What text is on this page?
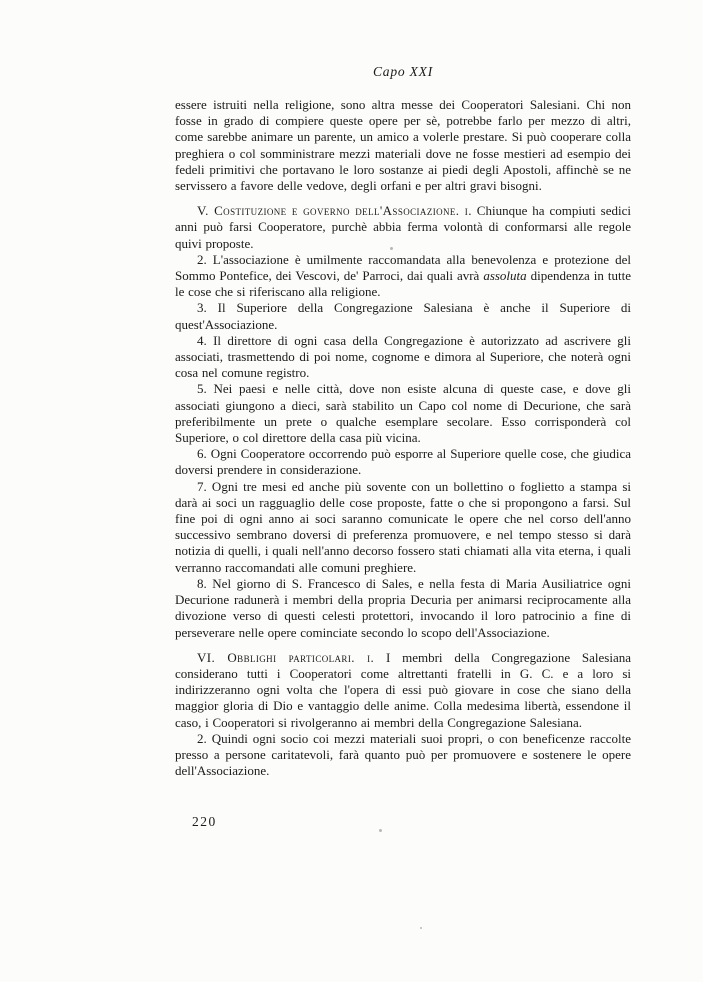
Capo XXI

essere istruiti nella religione, sono altra messe dei Cooperatori Salesiani. Chi non fosse in grado di compiere queste opere per sè, potrebbe farlo per mezzo di altri, come sarebbe animare un parente, un amico a volerle prestare. Si può cooperare colla preghiera o col somministrare mezzi materiali dove ne fosse mestieri ad esempio dei fedeli primitivi che portavano le loro sostanze ai piedi degli Apostoli, affinchè se ne servissero a favore delle vedove, degli orfani e per altri gravi bisogni.

V. Costituzione e governo dell'Associazione. i. Chiunque ha compiuti sedici anni può farsi Cooperatore, purchè abbia ferma volontà di conformarsi alle regole quivi proposte.

2. L'associazione è umilmente raccomandata alla benevolenza e protezione del Sommo Pontefice, dei Vescovi, de' Parroci, dai quali avrà assoluta dipendenza in tutte le cose che si riferiscano alla religione.

3. Il Superiore della Congregazione Salesiana è anche il Superiore di quest'Associazione.

4. Il direttore di ogni casa della Congregazione è autorizzato ad ascrivere gli associati, trasmettendo di poi nome, cognome e dimora al Superiore, che noterà ogni cosa nel comune registro.

5. Nei paesi e nelle città, dove non esiste alcuna di queste case, e dove gli associati giungono a dieci, sarà stabilito un Capo col nome di Decurione, che sarà preferibilmente un prete o qualche esemplare secolare. Esso corrisponderà col Superiore, o col direttore della casa più vicina.

6. Ogni Cooperatore occorrendo può esporre al Superiore quelle cose, che giudica doversi prendere in considerazione.

7. Ogni tre mesi ed anche più sovente con un bollettino o foglietto a stampa si darà ai soci un ragguaglio delle cose proposte, fatte o che si propongono a farsi. Sul fine poi di ogni anno ai soci saranno comunicate le opere che nel corso dell'anno successivo sembrano doversi di preferenza promuovere, e nel tempo stesso si darà notizia di quelli, i quali nell'anno decorso fossero stati chiamati alla vita eterna, i quali verranno raccomandati alle comuni preghiere.

8. Nel giorno di S. Francesco di Sales, e nella festa di Maria Ausiliatrice ogni Decurione radunerà i membri della propria Decuria per animarsi reciprocamente alla divozione verso di questi celesti protettori, invocando il loro patrocinio a fine di perseverare nelle opere cominciate secondo lo scopo dell'Associazione.

VI. Obblighi particolari. i. I membri della Congregazione Salesiana considerano tutti i Cooperatori come altrettanti fratelli in G. C. e a loro si indirizzeranno ogni volta che l'opera di essi può giovare in cose che siano della maggior gloria di Dio e vantaggio delle anime. Colla medesima libertà, essendone il caso, i Cooperatori si rivolgeranno ai membri della Congregazione Salesiana.

2. Quindi ogni socio coi mezzi materiali suoi propri, o con beneficenze raccolte presso a persone caritatevoli, farà quanto può per promuovere e sostenere le opere dell'Associazione.

220
